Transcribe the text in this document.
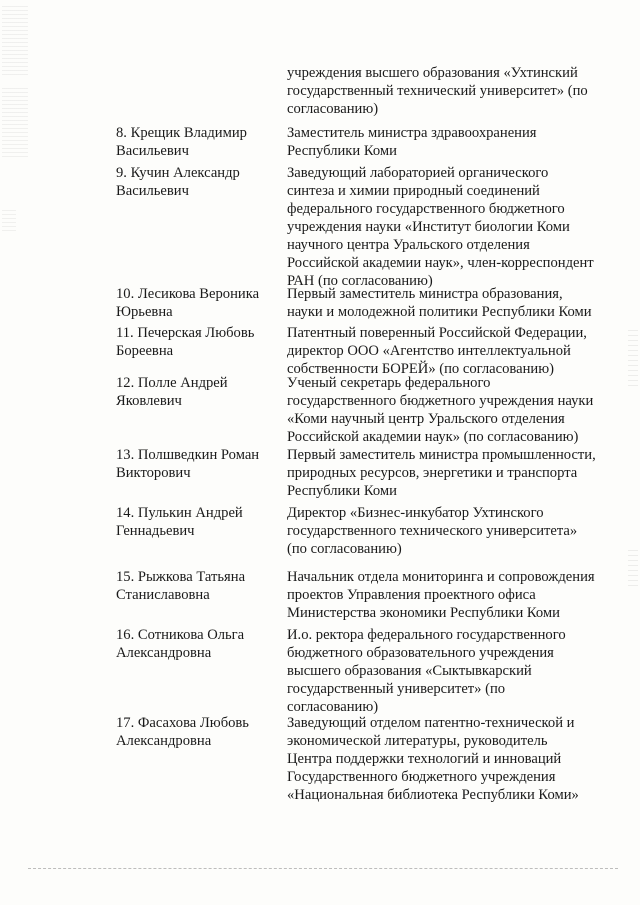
учреждения высшего образования «Ухтинский
государственный технический университет» (по
согласованию)
8. Крещик Владимир
Васильевич
Заместитель министра здравоохранения
Республики Коми
9. Кучин Александр
Васильевич
Заведующий лабораторией органического
синтеза и химии природный соединений
федерального государственного бюджетного
учреждения науки «Институт биологии Коми
научного центра Уральского отделения
Российской академии наук», член-корреспондент
РАН (по согласованию)
10. Лесикова Вероника
Юрьевна
Первый заместитель министра образования,
науки и молодежной политики Республики Коми
11. Печерская Любовь
Бореевна
Патентный поверенный Российской Федерации,
директор ООО «Агентство интеллектуальной
собственности БОРЕЙ» (по согласованию)
12. Полле Андрей
Яковлевич
Ученый секретарь федерального
государственного бюджетного учреждения науки
«Коми научный центр Уральского отделения
Российской академии наук» (по согласованию)
13. Полшведкин Роман
Викторович
Первый заместитель министра промышленности,
природных ресурсов, энергетики и транспорта
Республики Коми
14. Пулькин Андрей
Геннадьевич
Директор «Бизнес-инкубатор Ухтинского
государственного технического университета»
(по согласованию)
15. Рыжкова Татьяна
Станиславовна
Начальник отдела мониторинга и сопровождения
проектов Управления проектного офиса
Министерства экономики Республики Коми
16. Сотникова Ольга
Александровна
И.о. ректора федерального государственного
бюджетного образовательного учреждения
высшего образования «Сыктывкарский
государственный университет» (по
согласованию)
17. Фасахова Любовь
Александровна
Заведующий отделом патентно-технической и
экономической литературы, руководитель
Центра поддержки технологий и инноваций
Государственного бюджетного учреждения
«Национальная библиотека Республики Коми»
